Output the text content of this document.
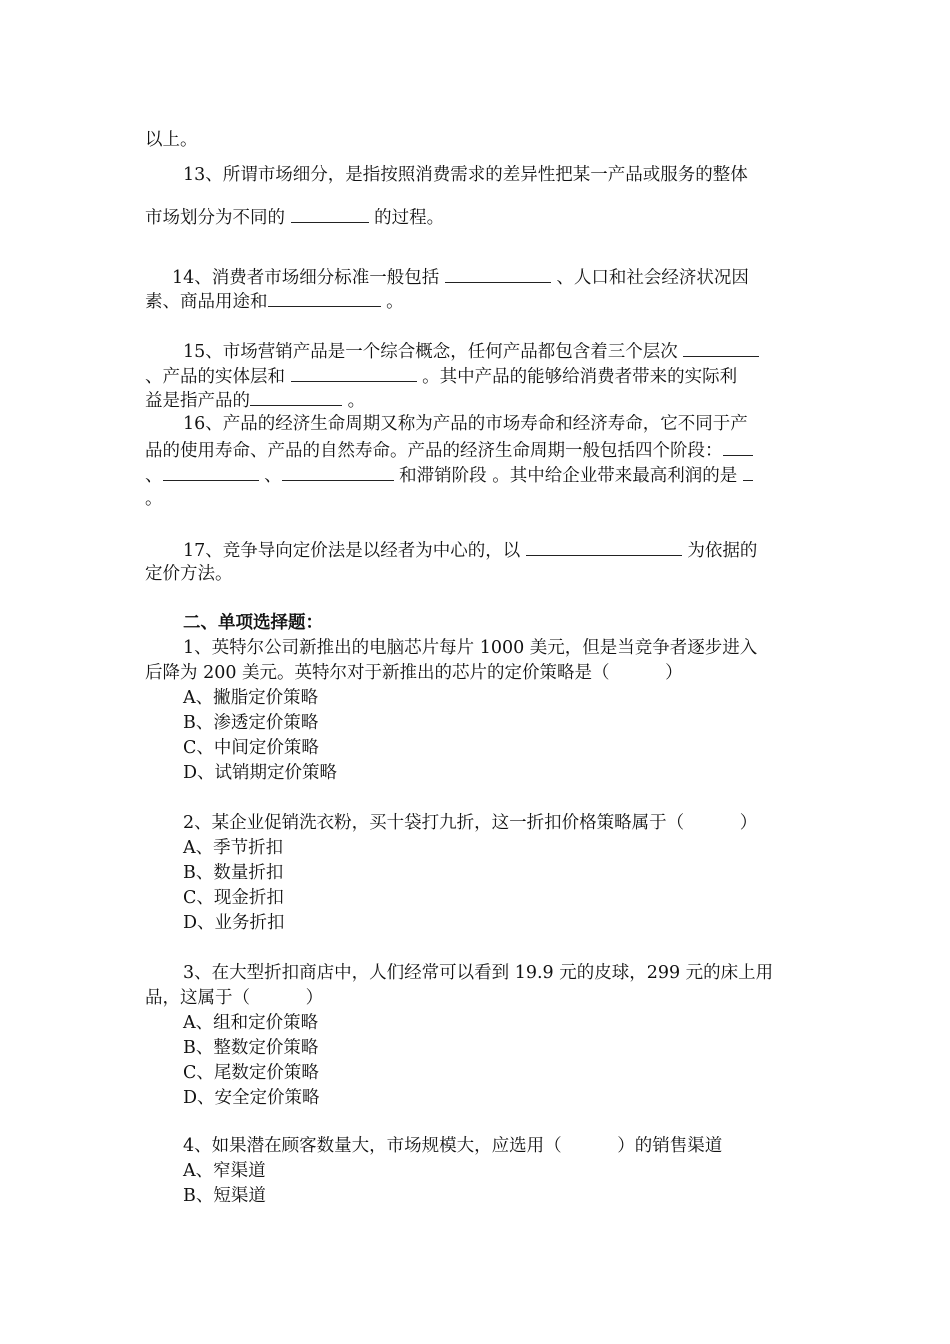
以上。
13、所谓市场细分，是指按照消费需求的差异性把某一产品或服务的整体
市场划分为不同的	的过程。
14、消费者市场细分标准一般包括	、人口和社会经济状况因
素、商品用途和	。
15、市场营销产品是一个综合概念，任何产品都包含着三个层次
、产品的实体层和	。其中产品的能够给消费者带来的实际利
益是指产品的	。
16、产品的经济生命周期又称为产品的市场寿命和经济寿命，它不同于产
品的使用寿命、产品的自然寿命。产品的经济生命周期一般包括四个阶段：
、	、	和滞销阶段 。其中给企业带来最高利润的是
。
17、竞争导向定价法是以经者为中心的，以	为依据的
定价方法。
二、单项选择题：
1、英特尔公司新推出的电脑芯片每片 1000 美元，但是当竞争者逐步进入
后降为 200 美元。英特尔对于新推出的芯片的定价策略是（          ）
A、撇脂定价策略
B、渗透定价策略
C、中间定价策略
D、试销期定价策略
2、某企业促销洗衣粉，买十袋打九折，这一折扣价格策略属于（          ）
A、季节折扣
B、数量折扣
C、现金折扣
D、业务折扣
3、在大型折扣商店中，人们经常可以看到 19.9 元的皮球，299 元的床上用
品，这属于（          ）
A、组和定价策略
B、整数定价策略
C、尾数定价策略
D、安全定价策略
4、如果潜在顾客数量大，市场规模大，应选用（          ）的销售渠道
A、窄渠道
B、短渠道
